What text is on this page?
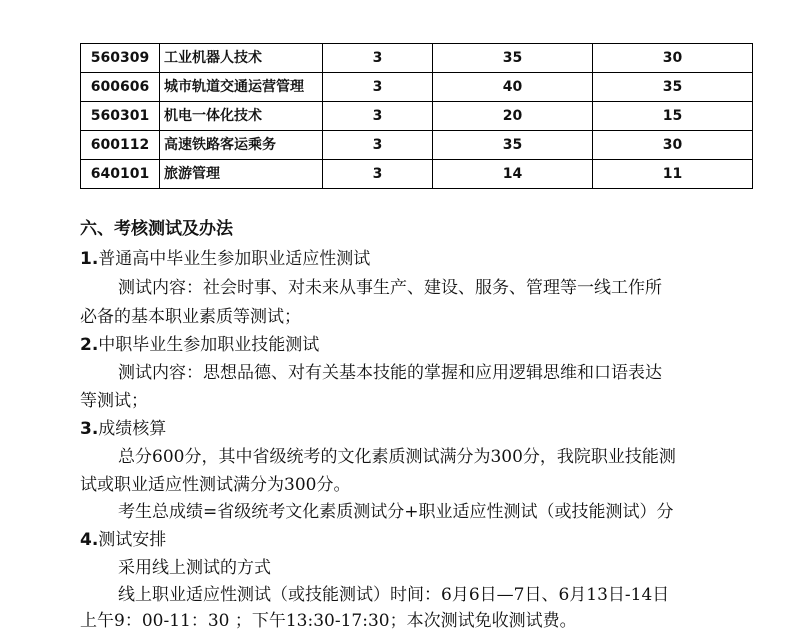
560309	工业机器人技术	3	35	30
600606	城市轨道交通运营管理	3	40	35
560301	机电一体化技术	3	20	15
600112	高速铁路客运乘务	3	35	30
640101	旅游管理	3	14	11
六、考核测试及办法
1.普通高中毕业生参加职业适应性测试
测试内容：社会时事、对未来从事生产、建设、服务、管理等一线工作所
必备的基本职业素质等测试；
2.中职毕业生参加职业技能测试
测试内容：思想品德、对有关基本技能的掌握和应用逻辑思维和口语表达
等测试；
3.成绩核算
总分600分，其中省级统考的文化素质测试满分为300分，我院职业技能测
试或职业适应性测试满分为300分。
考生总成绩=省级统考文化素质测试分+职业适应性测试（或技能测试）分
4.测试安排
采用线上测试的方式
线上职业适应性测试（或技能测试）时间：6月6日—7日、6月13日-14日
上午9：00-11：30 ；下午13:30-17:30；本次测试免收测试费。
